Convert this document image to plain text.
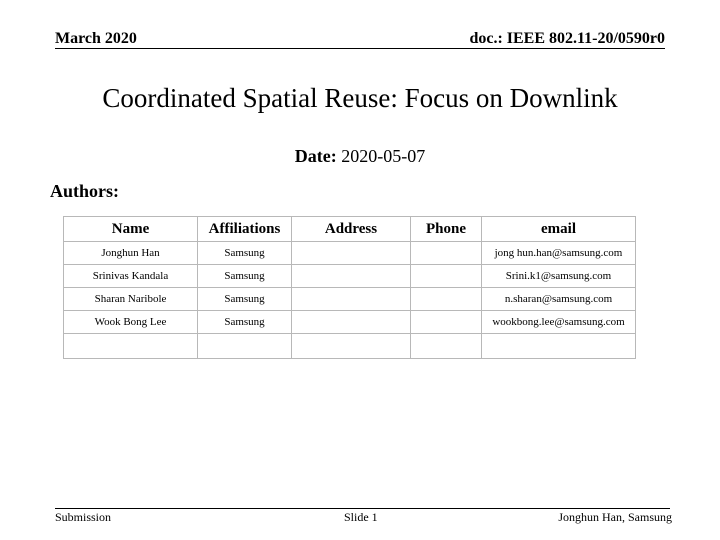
March 2020	doc.: IEEE 802.11-20/0590r0
Coordinated Spatial Reuse: Focus on Downlink
Date: 2020-05-07
Authors:
Name	Affiliations	Address	Phone	email
Jonghun Han	Samsung			jong hun.han@samsung.com
Srinivas Kandala	Samsung			Srini.k1@samsung.com
Sharan Naribole	Samsung			n.sharan@samsung.com
Wook Bong Lee	Samsung			wookbong.lee@samsung.com

Submission	Slide 1	Jonghun Han, Samsung
